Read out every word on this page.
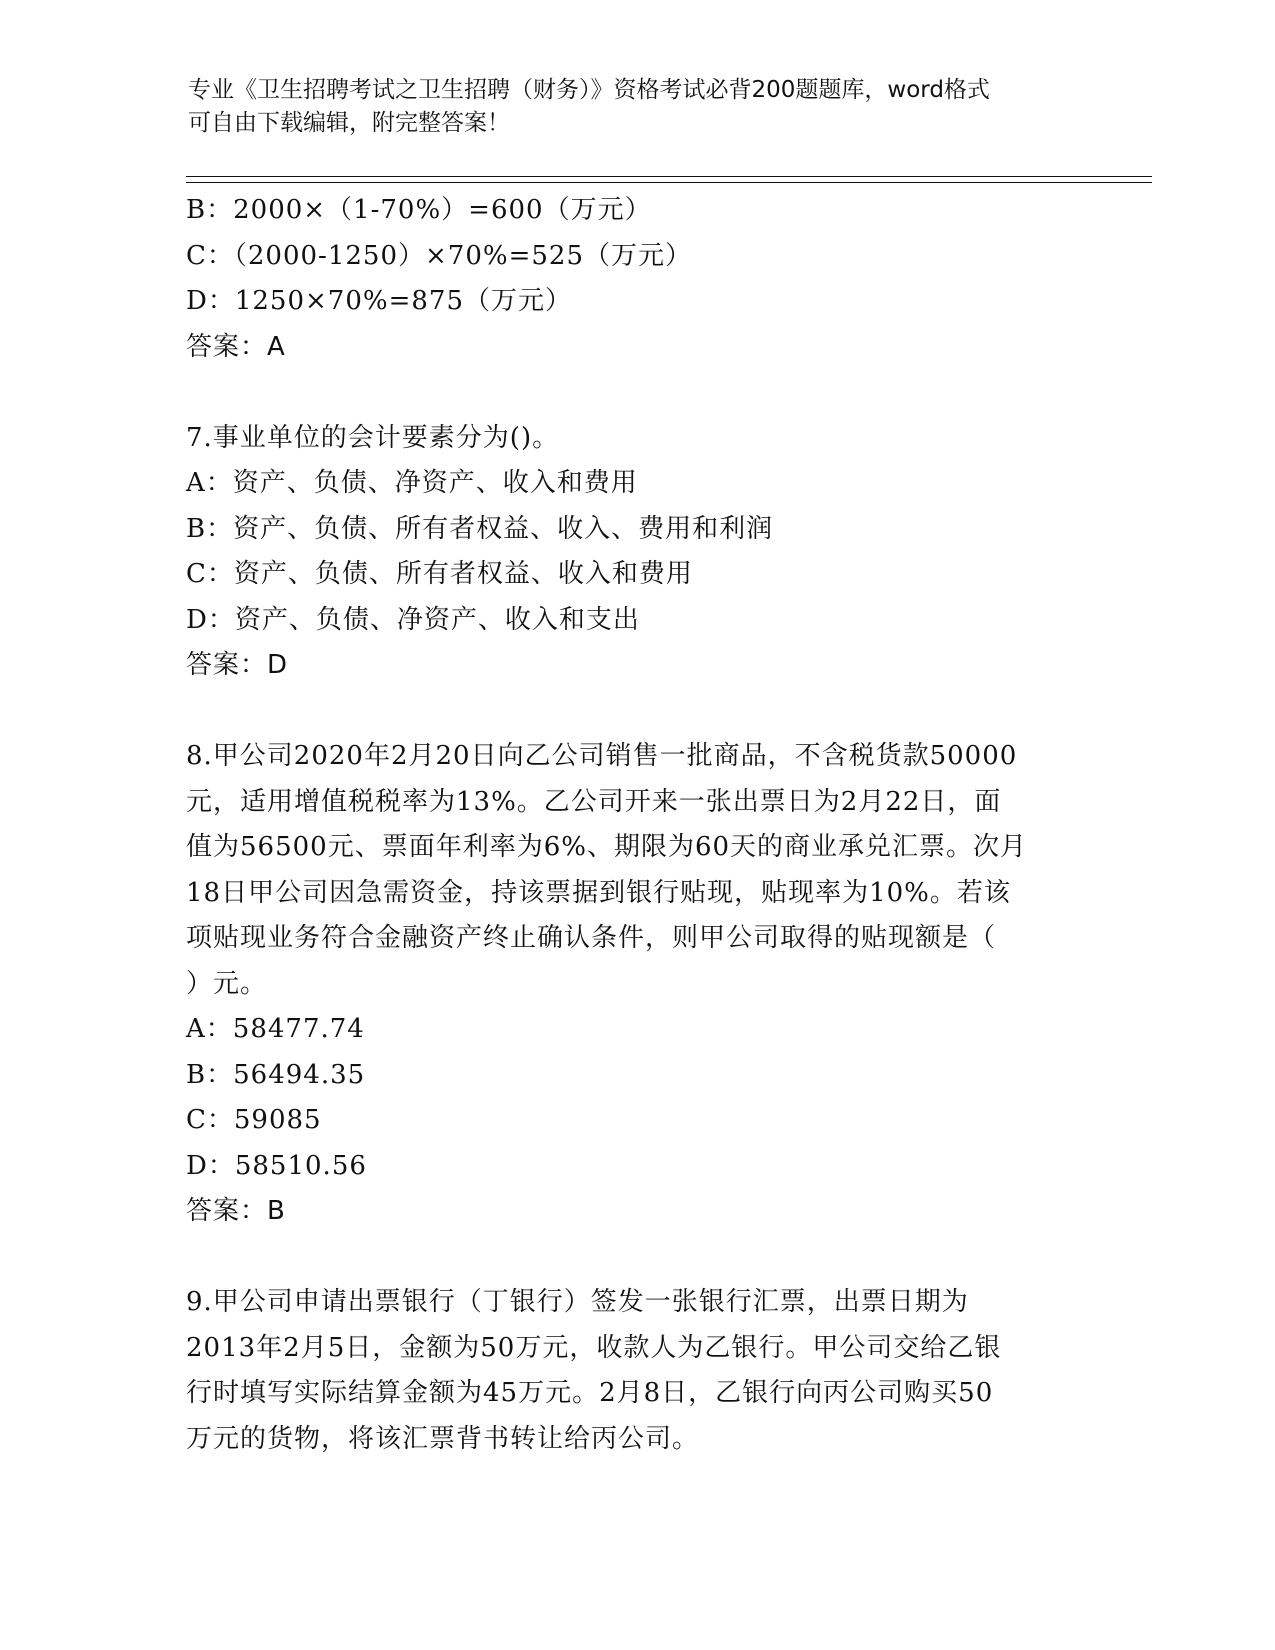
专业《卫生招聘考试之卫生招聘（财务）》资格考试必背200题题库，word格式
可自由下载编辑，附完整答案！
B：2000×（1-70%）=600（万元）
C：（2000-1250）×70%=525（万元）
D：1250×70%=875（万元）
答案：A
7.事业单位的会计要素分为()。
A：资产、负债、净资产、收入和费用
B：资产、负债、所有者权益、收入、费用和利润
C：资产、负债、所有者权益、收入和费用
D：资产、负债、净资产、收入和支出
答案：D
8.甲公司2020年2月20日向乙公司销售一批商品，不含税货款50000
元，适用增值税税率为13%。乙公司开来一张出票日为2月22日，面
值为56500元、票面年利率为6%、期限为60天的商业承兑汇票。次月
18日甲公司因急需资金，持该票据到银行贴现，贴现率为10%。若该
项贴现业务符合金融资产终止确认条件，则甲公司取得的贴现额是（
）元。
A：58477.74
B：56494.35
C：59085
D：58510.56
答案：B
9.甲公司申请出票银行（丁银行）签发一张银行汇票，出票日期为
2013年2月5日，金额为50万元，收款人为乙银行。甲公司交给乙银
行时填写实际结算金额为45万元。2月8日，乙银行向丙公司购买50
万元的货物，将该汇票背书转让给丙公司。
